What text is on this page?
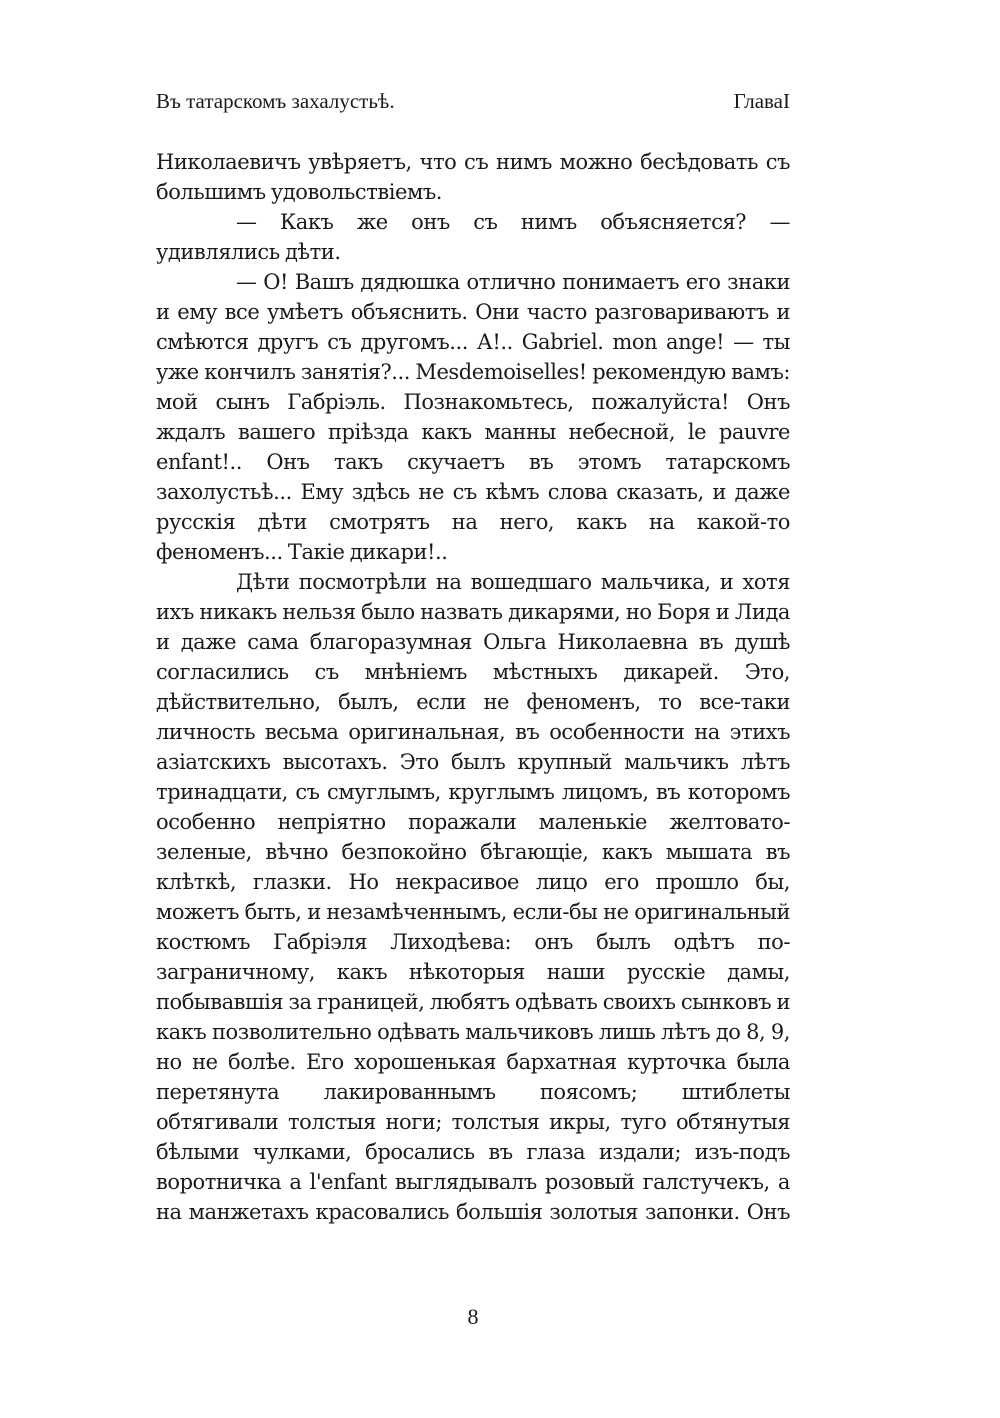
Въ татарскомъ захалустьѣ.	ГлаваI

Николаевичъ увѣряетъ, что съ нимъ можно бесѣдовать съ большимъ удовольствіемъ.

— Какъ же онъ съ нимъ объясняется? — удивлялись дѣти.

— О! Вашъ дядюшка отлично понимаетъ его знаки и ему все умѣетъ объяснить. Они часто разговариваютъ и смѣются другъ съ другомъ... А!.. Gabriel. mon ange! — ты уже кончилъ занятія?... Mesdemoiselles! рекомендую вамъ: мой сынъ Габріэль. Познакомьтесь, пожалуйста! Онъ ждалъ вашего пріѣзда какъ манны небесной, le pauvre enfant!.. Онъ такъ скучаетъ въ этомъ татарскомъ захолустьѣ... Ему здѣсь не съ кѣмъ слова сказать, и даже русскія дѣти смотрятъ на него, какъ на какой-то феноменъ... Такіе дикари!..

Дѣти посмотрѣли на вошедшаго мальчика, и хотя ихъ никакъ нельзя было назвать дикарями, но Боря и Лида и даже сама благоразумная Ольга Николаевна въ душѣ согласились съ мнѣніемъ мѣстныхъ дикарей. Это, дѣйствительно, былъ, если не феноменъ, то все-таки личность весьма оригинальная, въ особенности на этихъ азіатскихъ высотахъ. Это былъ крупный мальчикъ лѣтъ тринадцати, съ смуглымъ, круглымъ лицомъ, въ которомъ особенно непріятно поражали маленькіе желтовато-зеленые, вѣчно безпокойно бѣгающіе, какъ мышата въ клѣткѣ, глазки. Но некрасивое лицо его прошло бы, можетъ быть, и незамѣченнымъ, если-бы не оригинальный костюмъ Габріэля Лиходѣева: онъ былъ одѣтъ по-заграничному, какъ нѣкоторыя наши русскіе дамы, побывавшія за границей, любятъ одѣвать своихъ сынковъ и какъ позволительно одѣвать мальчиковъ лишь лѣтъ до 8, 9, но не болѣе. Его хорошенькая бархатная курточка была перетянута лакированнымъ поясомъ; штиблеты обтягивали толстыя ноги; толстыя икры, туго обтянутыя бѣлыми чулками, бросались въ глаза издали; изъ-подъ воротничка a l'enfant выглядывалъ розовый галстучекъ, а на манжетахъ красовались большія золотыя запонки. Онъ

8
